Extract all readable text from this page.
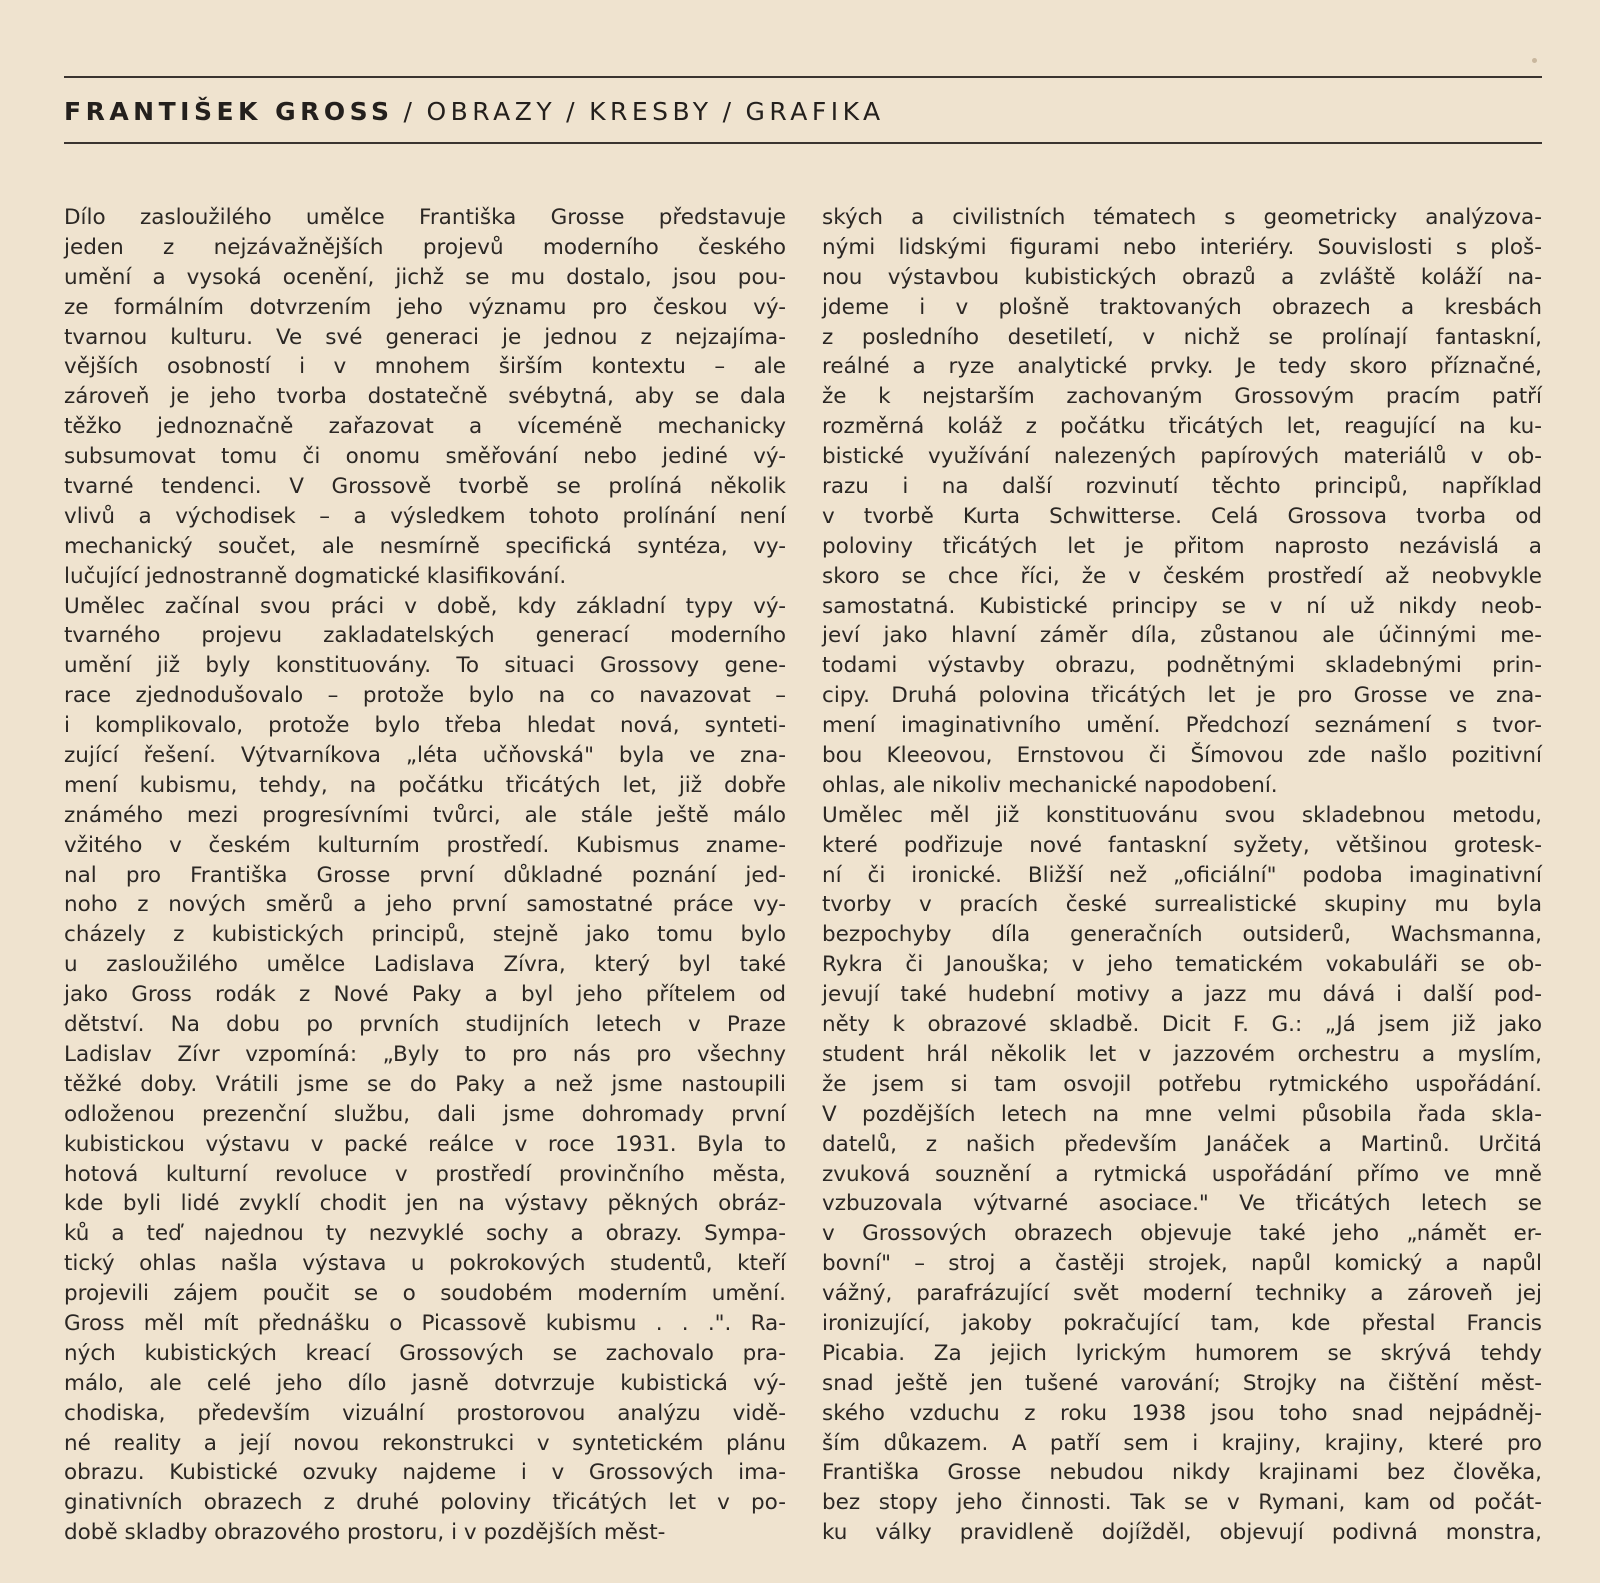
FRANTIŠEK GROSS / OBRAZY / KRESBY / GRAFIKA
Dílo zasloužilého umělce Františka Grosse představuje
jeden z nejzávažnějších projevů moderního českého
umění a vysoká ocenění, jichž se mu dostalo, jsou pou-
ze formálním dotvrzením jeho významu pro českou vý-
tvarnou kulturu. Ve své generaci je jednou z nejzajíma-
vějších osobností i v mnohem širším kontextu – ale
zároveň je jeho tvorba dostatečně svébytná, aby se dala
těžko jednoznačně zařazovat a víceméně mechanicky
subsumovat tomu či onomu směřování nebo jediné vý-
tvarné tendenci. V Grossově tvorbě se prolíná několik
vlivů a východisek – a výsledkem tohoto prolínání není
mechanický součet, ale nesmírně specifická syntéza, vy-
lučující jednostranně dogmatické klasifikování.
Umělec začínal svou práci v době, kdy základní typy vý-
tvarného projevu zakladatelských generací moderního
umění již byly konstituovány. To situaci Grossovy gene-
race zjednodušovalo – protože bylo na co navazovat –
i komplikovalo, protože bylo třeba hledat nová, synteti-
zující řešení. Výtvarníkova „léta učňovská" byla ve zna-
mení kubismu, tehdy, na počátku třicátých let, již dobře
známého mezi progresívními tvůrci, ale stále ještě málo
vžitého v českém kulturním prostředí. Kubismus zname-
nal pro Františka Grosse první důkladné poznání jed-
noho z nových směrů a jeho první samostatné práce vy-
cházely z kubistických principů, stejně jako tomu bylo
u zasloužilého umělce Ladislava Zívra, který byl také
jako Gross rodák z Nové Paky a byl jeho přítelem od
dětství. Na dobu po prvních studijních letech v Praze
Ladislav Zívr vzpomíná: „Byly to pro nás pro všechny
těžké doby. Vrátili jsme se do Paky a než jsme nastoupili
odloženou prezenční službu, dali jsme dohromady první
kubistickou výstavu v packé reálce v roce 1931. Byla to
hotová kulturní revoluce v prostředí provinčního města,
kde byli lidé zvyklí chodit jen na výstavy pěkných obráz-
ků a teď najednou ty nezvyklé sochy a obrazy. Sympa-
tický ohlas našla výstava u pokrokových studentů, kteří
projevili zájem poučit se o soudobém moderním umění.
Gross měl mít přednášku o Picassově kubismu . . .". Ra-
ných kubistických kreací Grossových se zachovalo pra-
málo, ale celé jeho dílo jasně dotvrzuje kubistická vý-
chodiska, především vizuální prostorovou analýzu vidě-
né reality a její novou rekonstrukci v syntetickém plánu
obrazu. Kubistické ozvuky najdeme i v Grossových ima-
ginativních obrazech z druhé poloviny třicátých let v po-
době skladby obrazového prostoru, i v pozdějších měst-
ských a civilistních tématech s geometricky analýzova-
nými lidskými figurami nebo interiéry. Souvislosti s ploš-
nou výstavbou kubistických obrazů a zvláště koláží na-
jdeme i v plošně traktovaných obrazech a kresbách
z posledního desetiletí, v nichž se prolínají fantaskní,
reálné a ryze analytické prvky. Je tedy skoro příznačné,
že k nejstarším zachovaným Grossovým pracím patří
rozměrná koláž z počátku třicátých let, reagující na ku-
bistické využívání nalezených papírových materiálů v ob-
razu i na další rozvinutí těchto principů, například
v tvorbě Kurta Schwitterse. Celá Grossova tvorba od
poloviny třicátých let je přitom naprosto nezávislá a
skoro se chce říci, že v českém prostředí až neobvykle
samostatná. Kubistické principy se v ní už nikdy neob-
jeví jako hlavní záměr díla, zůstanou ale účinnými me-
todami výstavby obrazu, podnětnými skladebnými prin-
cipy. Druhá polovina třicátých let je pro Grosse ve zna-
mení imaginativního umění. Předchozí seznámení s tvor-
bou Kleeovou, Ernstovou či Šímovou zde našlo pozitivní
ohlas, ale nikoliv mechanické napodobení.
Umělec měl již konstituovánu svou skladebnou metodu,
které podřizuje nové fantaskní syžety, většinou grotesk-
ní či ironické. Bližší než „oficiální" podoba imaginativní
tvorby v pracích české surrealistické skupiny mu byla
bezpochyby díla generačních outsiderů, Wachsmanna,
Rykra či Janouška; v jeho tematickém vokabuláři se ob-
jevují také hudební motivy a jazz mu dává i další pod-
něty k obrazové skladbě. Dicit F. G.: „Já jsem již jako
student hrál několik let v jazzovém orchestru a myslím,
že jsem si tam osvojil potřebu rytmického uspořádání.
V pozdějších letech na mne velmi působila řada skla-
datelů, z našich především Janáček a Martinů. Určitá
zvuková souznění a rytmická uspořádání přímo ve mně
vzbuzovala výtvarné asociace." Ve třicátých letech se
v Grossových obrazech objevuje také jeho „námět er-
bovní" – stroj a častěji strojek, napůl komický a napůl
vážný, parafrázující svět moderní techniky a zároveň jej
ironizující, jakoby pokračující tam, kde přestal Francis
Picabia. Za jejich lyrickým humorem se skrývá tehdy
snad ještě jen tušené varování; Strojky na čištění měst-
ského vzduchu z roku 1938 jsou toho snad nejpádněj-
ším důkazem. A patří sem i krajiny, krajiny, které pro
Františka Grosse nebudou nikdy krajinami bez člověka,
bez stopy jeho činnosti. Tak se v Rymani, kam od počát-
ku války pravidleně dojížděl, objevují podivná monstra,
